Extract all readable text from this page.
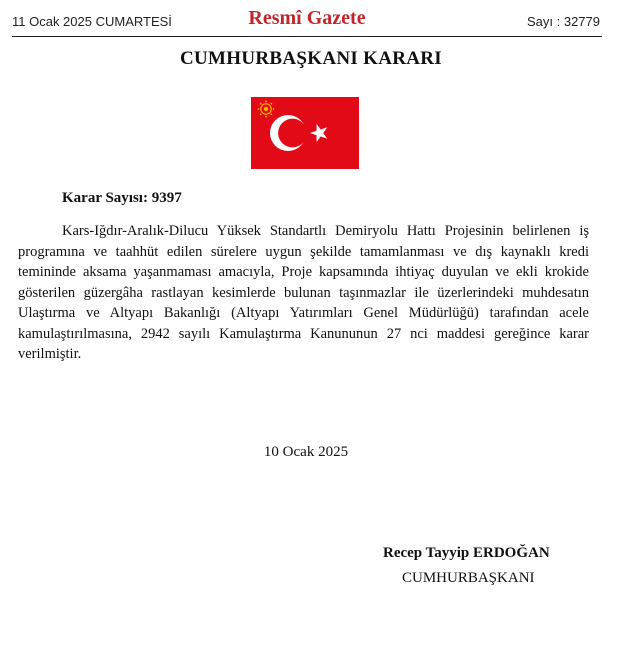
11 Ocak 2025 CUMARTESİ	Resmî Gazete	Sayı : 32779
CUMHURBAŞKANI KARARI
Karar Sayısı: 9397

Kars-Iğdır-Aralık-Dilucu Yüksek Standartlı Demiryolu Hattı Projesinin belirlenen iş programına ve taahhüt edilen sürelere uygun şekilde tamamlanması ve dış kaynaklı kredi temininde aksama yaşanmaması amacıyla, Proje kapsamında ihtiyaç duyulan ve ekli krokide gösterilen güzergâha rastlayan kesimlerde bulunan taşınmazlar ile üzerlerindeki muhdesatın Ulaştırma ve Altyapı Bakanlığı (Altyapı Yatırımları Genel Müdürlüğü) tarafından acele kamulaştırılmasına, 2942 sayılı Kamulaştırma Kanununun 27 nci maddesi gereğince karar verilmiştir.

10 Ocak 2025
Recep Tayyip ERDOĞAN
CUMHURBAŞKANI
